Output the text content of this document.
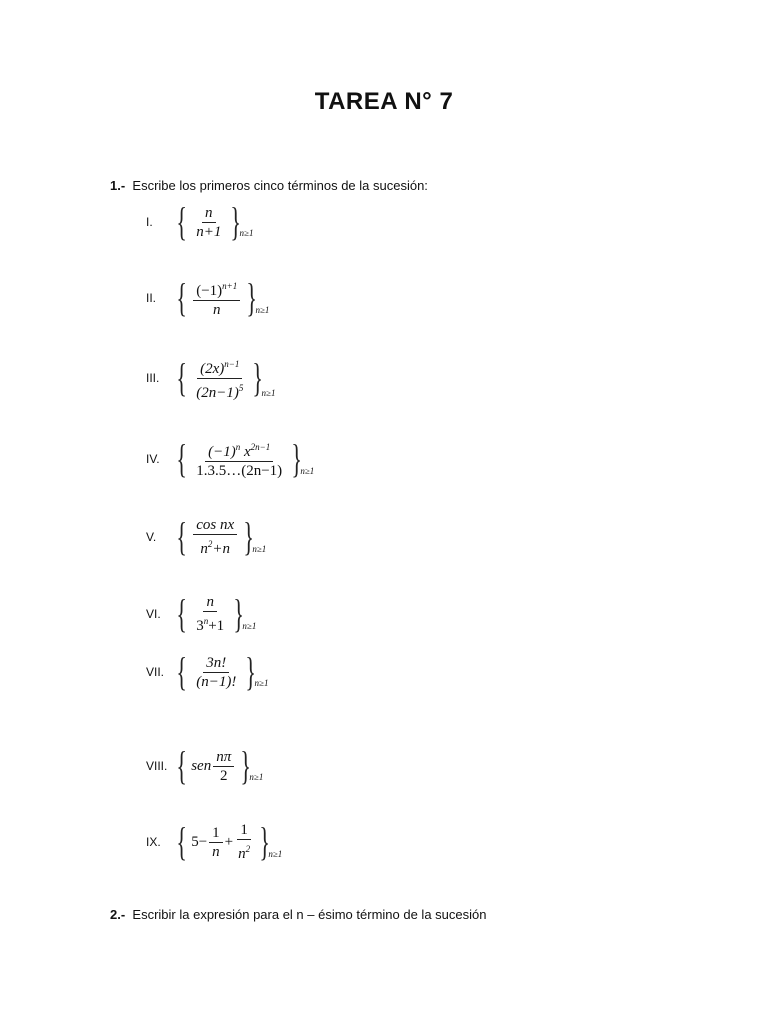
TAREA N° 7
1.- Escribe los primeros cinco términos de la sucesión:
I. { $\frac{n}{n+1}$ }
n≥1
II. { $\frac{(-1)^{n+1}}{n}$ }
n≥1
III. { $\frac{(2x)^{n-1}}{(2n-1)^5}$ }
n≥1
IV. { $\frac{(-1)^n x^{2n-1}}{1.3.5\dots(2n-1)}$ }
n≥1
V. { $\frac{\text{cos nx}}{n^2+n}$ }
n≥1
VI. { $\frac{n}{3^n+1}$ }
n≥1
VII. { $\frac{3n!}{(n-1)!}$ }
n≥1
VIII. { sen $\frac{n\pi}{2}$ }
n≥1
IX. { $5- \frac{1}{n} + \frac{1}{n^2}$ }
n≥1
2.- Escribir la expresión para el n – ésimo término de la sucesión
